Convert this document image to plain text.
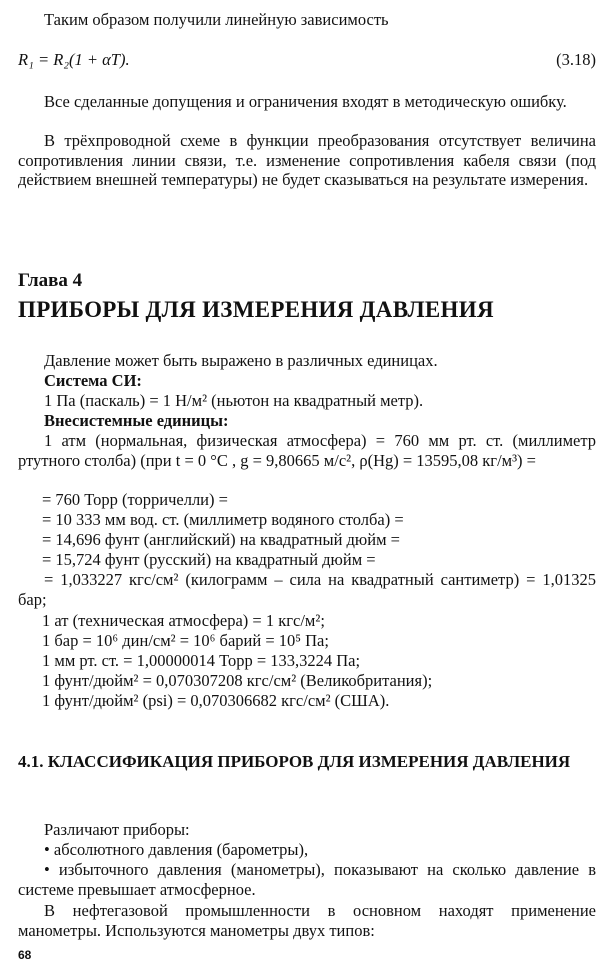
Таким образом получили линейную зависимость

R₁ = R₂(1 + αT).	(3.18)

Все сделанные допущения и ограничения входят в методическую ошибку.

В трёхпроводной схеме в функции преобразования отсутствует величина сопротивления линии связи, т.е. изменение сопротивления кабеля связи (под действием внешней температуры) не будет сказываться на результате измерения.

Глава 4
ПРИБОРЫ ДЛЯ ИЗМЕРЕНИЯ ДАВЛЕНИЯ

Давление может быть выражено в различных единицах.

Система СИ:

1 Па (паскаль) = 1 Н/м² (ньютон на квадратный метр).

Внесистемные единицы:

1 атм (нормальная, физическая атмосфера) = 760 мм рт. ст. (миллиметр ртутного столба) (при t = 0 °С , g = 9,80665 м/с², ρ(Hg) = 13595,08 кг/м³) =

= 760 Торр (торричелли) =

= 10 333 мм вод. ст. (миллиметр водяного столба) =

= 14,696 фунт (английский) на квадратный дюйм =

= 15,724 фунт (русский) на квадратный дюйм =

= 1,033227 кгс/см² (килограмм – сила на квадратный сантиметр) = 1,01325 бар;

1 ат (техническая атмосфера) = 1 кгс/м²;

1 бар = 10⁶ дин/см² = 10⁶ барий = 10⁵ Па;

1 мм рт. ст. = 1,00000014 Торр = 133,3224 Па;

1 фунт/дюйм² = 0,070307208 кгс/см² (Великобритания);

1 фунт/дюйм² (psi) = 0,070306682 кгс/см² (США).

4.1. КЛАССИФИКАЦИЯ ПРИБОРОВ ДЛЯ ИЗМЕРЕНИЯ ДАВЛЕНИЯ

Различают приборы:

• абсолютного давления (барометры),

• избыточного давления (манометры), показывают на сколько давление в системе превышает атмосферное.

В нефтегазовой промышленности в основном находят применение манометры. Используются манометры двух типов:

68
